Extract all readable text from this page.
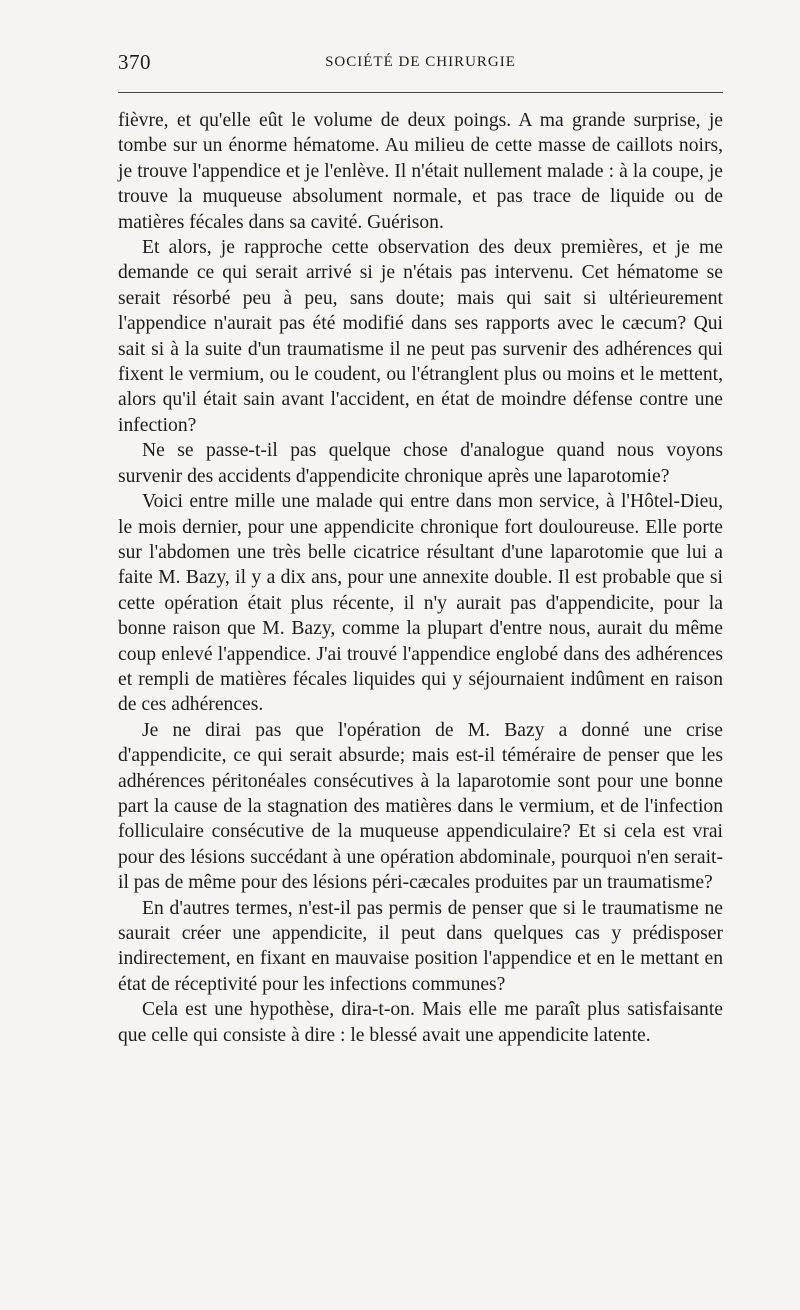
370	SOCIÉTÉ DE CHIRURGIE

fièvre, et qu'elle eût le volume de deux poings. A ma grande surprise, je tombe sur un énorme hématome. Au milieu de cette masse de caillots noirs, je trouve l'appendice et je l'enlève. Il n'était nullement malade : à la coupe, je trouve la muqueuse absolument normale, et pas trace de liquide ou de matières fécales dans sa cavité. Guérison.

Et alors, je rapproche cette observation des deux premières, et je me demande ce qui serait arrivé si je n'étais pas intervenu. Cet hématome se serait résorbé peu à peu, sans doute; mais qui sait si ultérieurement l'appendice n'aurait pas été modifié dans ses rapports avec le cæcum? Qui sait si à la suite d'un traumatisme il ne peut pas survenir des adhérences qui fixent le vermium, ou le coudent, ou l'étranglent plus ou moins et le mettent, alors qu'il était sain avant l'accident, en état de moindre défense contre une infection?

Ne se passe-t-il pas quelque chose d'analogue quand nous voyons survenir des accidents d'appendicite chronique après une laparotomie?

Voici entre mille une malade qui entre dans mon service, à l'Hôtel-Dieu, le mois dernier, pour une appendicite chronique fort douloureuse. Elle porte sur l'abdomen une très belle cicatrice résultant d'une laparotomie que lui a faite M. Bazy, il y a dix ans, pour une annexite double. Il est probable que si cette opération était plus récente, il n'y aurait pas d'appendicite, pour la bonne raison que M. Bazy, comme la plupart d'entre nous, aurait du même coup enlevé l'appendice. J'ai trouvé l'appendice englobé dans des adhérences et rempli de matières fécales liquides qui y séjournaient indûment en raison de ces adhérences.

Je ne dirai pas que l'opération de M. Bazy a donné une crise d'appendicite, ce qui serait absurde; mais est-il téméraire de penser que les adhérences péritonéales consécutives à la laparotomie sont pour une bonne part la cause de la stagnation des matières dans le vermium, et de l'infection folliculaire consécutive de la muqueuse appendiculaire? Et si cela est vrai pour des lésions succédant à une opération abdominale, pourquoi n'en serait-il pas de même pour des lésions péri-cæcales produites par un traumatisme?

En d'autres termes, n'est-il pas permis de penser que si le traumatisme ne saurait créer une appendicite, il peut dans quelques cas y prédisposer indirectement, en fixant en mauvaise position l'appendice et en le mettant en état de réceptivité pour les infections communes?

Cela est une hypothèse, dira-t-on. Mais elle me paraît plus satisfaisante que celle qui consiste à dire : le blessé avait une appendicite latente.
